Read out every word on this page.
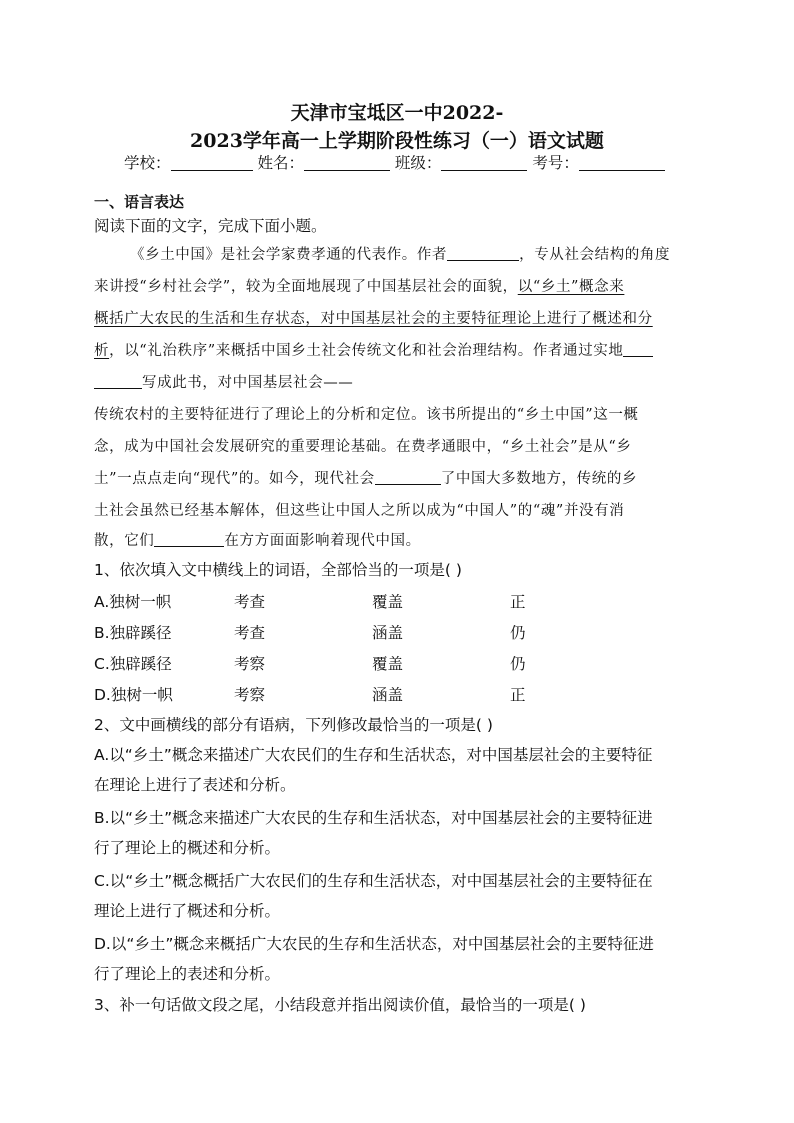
天津市宝坻区一中2022-
2023学年高一上学期阶段性练习（一）语文试题
学校：	姓名：	班级：	考号：
一、语言表达
阅读下面的文字，完成下面小题。
《乡土中国》是社会学家费孝通的代表作。作者	，专从社会结构的角度
来讲授“乡村社会学”，较为全面地展现了中国基层社会的面貌，以“乡土”概念来
概括广大农民的生活和生存状态，对中国基层社会的主要特征理论上进行了概述和分
析，以“礼治秩序”来概括中国乡土社会传统文化和社会治理结构。作者通过实地
写成此书，对中国基层社会——
传统农村的主要特征进行了理论上的分析和定位。该书所提出的“乡土中国”这一概
念，成为中国社会发展研究的重要理论基础。在费孝通眼中，“乡土社会”是从“乡
土”一点点走向“现代”的。如今，现代社会	了中国大多数地方，传统的乡
土社会虽然已经基本解体，但这些让中国人之所以成为“中国人”的“魂”并没有消
散，它们	在方方面面影响着现代中国。
1、依次填入文中横线上的词语，全部恰当的一项是( )
A.独树一帜	考查	覆盖	正
B.独辟蹊径	考查	涵盖	仍
C.独辟蹊径	考察	覆盖	仍
D.独树一帜	考察	涵盖	正
2、文中画横线的部分有语病，下列修改最恰当的一项是( )
A.以“乡土”概念来描述广大农民们的生存和生活状态，对中国基层社会的主要特征
在理论上进行了表述和分析。
B.以“乡土”概念来描述广大农民的生存和生活状态，对中国基层社会的主要特征进
行了理论上的概述和分析。
C.以“乡土”概念概括广大农民们的生存和生活状态，对中国基层社会的主要特征在
理论上进行了概述和分析。
D.以“乡土”概念来概括广大农民的生存和生活状态，对中国基层社会的主要特征进
行了理论上的表述和分析。
3、补一句话做文段之尾，小结段意并指出阅读价值，最恰当的一项是( )
